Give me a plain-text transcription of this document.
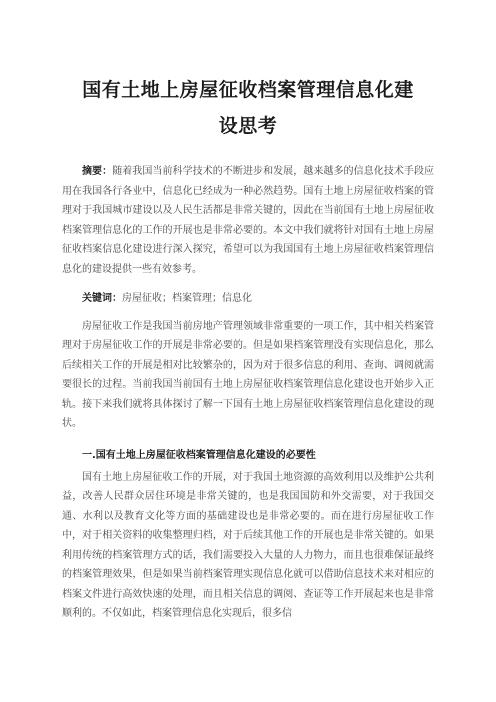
国有土地上房屋征收档案管理信息化建
设思考

摘要：随着我国当前科学技术的不断进步和发展，越来越多的信息化技术手段应用在我国各行各业中，信息化已经成为一种必然趋势。国有土地上房屋征收档案的管理对于我国城市建设以及人民生活都是非常关键的，因此在当前国有土地上房屋征收档案管理信息化的工作的开展也是非常必要的。本文中我们就将针对国有土地上房屋征收档案信息化建设进行深入探究，希望可以为我国国有土地上房屋征收档案管理信息化的建设提供一些有效参考。

关键词：房屋征收；档案管理；信息化

房屋征收工作是我国当前房地产管理领域非常重要的一项工作，其中相关档案管理对于房屋征收工作的开展是非常必要的。但是如果档案管理没有实现信息化，那么后续相关工作的开展是相对比较繁杂的，因为对于很多信息的利用、查询、调阅就需要很长的过程。当前我国当前国有土地上房屋征收档案管理信息化建设也开始步入正轨。接下来我们就将具体探讨了解一下国有土地上房屋征收档案管理信息化建设的现状。

一.国有土地上房屋征收档案管理信息化建设的必要性

国有土地上房屋征收工作的开展，对于我国土地资源的高效利用以及维护公共利益，改善人民群众居住环境是非常关键的，也是我国国防和外交需要，对于我国交通、水利以及教育文化等方面的基础建设也是非常必要的。而在进行房屋征收工作中，对于相关资料的收集整理归档，对于后续其他工作的开展也是非常关键的。如果利用传统的档案管理方式的话，我们需要投入大量的人力物力，而且也很难保证最终的档案管理效果，但是如果当前档案管理实现信息化就可以借助信息技术来对相应的档案文件进行高效快速的处理，而且相关信息的调阅、查证等工作开展起来也是非常顺利的。不仅如此，档案管理信息化实现后，很多信
